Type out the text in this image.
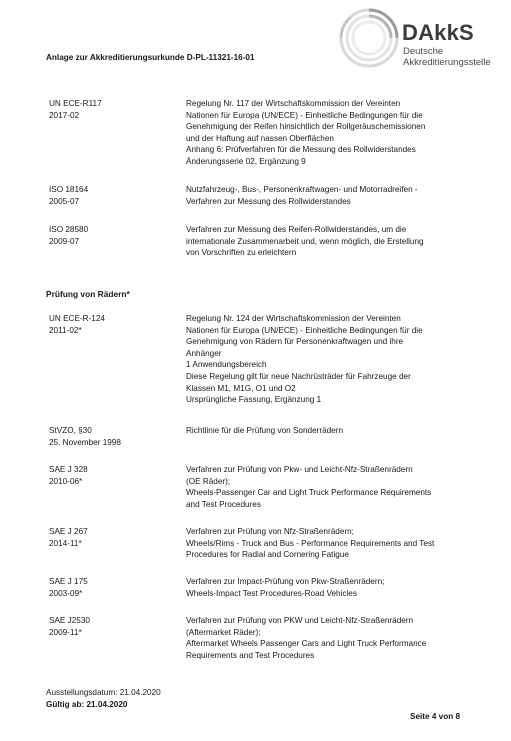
DAkkS
Deutsche
Akkreditierungsstelle
Anlage zur Akkreditierungsurkunde D-PL-11321-16-01
UN ECE-R117
2017-02
Regelung Nr. 117 der Wirtschaftskommission der Vereinten
Nationen für Europa (UN/ECE) - Einheitliche Bedingungen für die
Genehmigung der Reifen hinsichtlich der Rollgeräuschemissionen
und der Haftung auf nassen Oberflächen
Anhang 6: Prüfverfahren für die Messung des Rollwiderstandes
Änderungsserie 02, Ergänzung 9
ISO 18164
2005-07
Nutzfahrzeug-, Bus-, Personenkraftwagen- und Motorradreifen -
Verfahren zur Messung des Rollwiderstandes
ISO 28580
2009-07
Verfahren zur Messung des Reifen-Rollwiderstandes, um die
internationale Zusammenarbeit und, wenn möglich, die Erstellung
von Vorschriften zu erleichtern
Prüfung von Rädern*
UN ECE-R-124
2011-02*
Regelung Nr. 124 der Wirtschaftskommission der Vereinten
Nationen für Europa (UN/ECE) - Einheitliche Bedingungen für die
Genehmigung von Rädern für Personenkraftwagen und ihre
Anhänger
1 Anwendungsbereich
Diese Regelung gilt für neue Nachrüsträder für Fahrzeuge der
Klassen M1, M1G, O1 und O2
Ursprüngliche Fassung, Ergänzung 1
StVZO, §30
25. November 1998
Richtlinie für die Prüfung von Sonderrädern
SAE J 328
2010-06*
Verfahren zur Prüfung von Pkw- und Leicht-Nfz-Straßenrädern
(OE Räder);
Wheels-Passenger Car and Light Truck Performance Requirements
and Test Procedures
SAE J 267
2014-11*
Verfahren zur Prüfung von Nfz-Straßenrädern;
Wheels/Rims - Truck and Bus - Performance Requirements and Test
Procedures for Radial and Cornering Fatigue
SAE J 175
2003-09*
Verfahren zur Impact-Prüfung von Pkw-Straßenrädern;
Wheels-Impact Test Procedures-Road Vehicles
SAE J2530
2009-11*
Verfahren zur Prüfung von PKW und Leicht-Nfz-Straßenrädern
(Aftermarket Räder);
Aftermarket Wheels Passenger Cars and Light Truck Performance
Requirements and Test Procedures
Ausstellungsdatum: 21.04.2020
Gültig ab: 21.04.2020
Seite 4 von 8
